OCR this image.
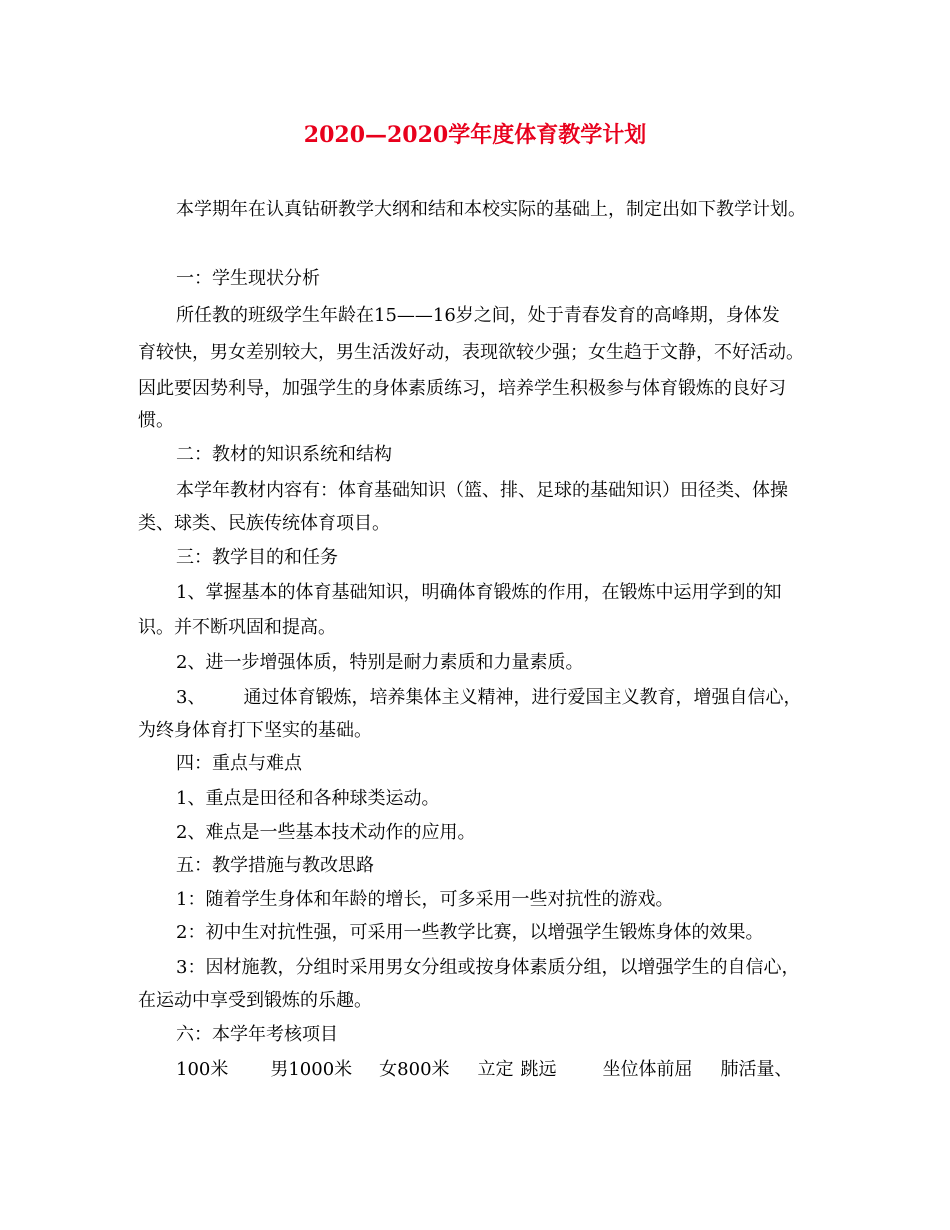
2020—2020学年度体育教学计划

本学期年在认真钻研教学大纲和结和本校实际的基础上，制定出如下教学计划。

一：学生现状分析

所任教的班级学生年龄在15——16岁之间，处于青春发育的高峰期，身体发

育较快，男女差别较大，男生活泼好动，表现欲较少强；女生趋于文静，不好活动。

因此要因势利导，加强学生的身体素质练习，培养学生积极参与体育锻炼的良好习

惯。

二：教材的知识系统和结构

本学年教材内容有：体育基础知识（篮、排、足球的基础知识）田径类、体操

类、球类、民族传统体育项目。

三：教学目的和任务

1、掌握基本的体育基础知识，明确体育锻炼的作用，在锻炼中运用学到的知

识。并不断巩固和提高。

2、进一步增强体质，特别是耐力素质和力量素质。

3、 通过体育锻炼，培养集体主义精神，进行爱国主义教育，增强自信心，

为终身体育打下坚实的基础。

四：重点与难点

1、重点是田径和各种球类运动。

2、难点是一些基本技术动作的应用。

五：教学措施与教改思路

1：随着学生身体和年龄的增长，可多采用一些对抗性的游戏。

2：初中生对抗性强，可采用一些教学比赛，以增强学生锻炼身体的效果。

3：因材施教，分组时采用男女分组或按身体素质分组，以增强学生的自信心，

在运动中享受到锻炼的乐趣。

六：本学年考核项目

100米 男1000米 女800米 立定 跳远	坐位体前屈 肺活量、
